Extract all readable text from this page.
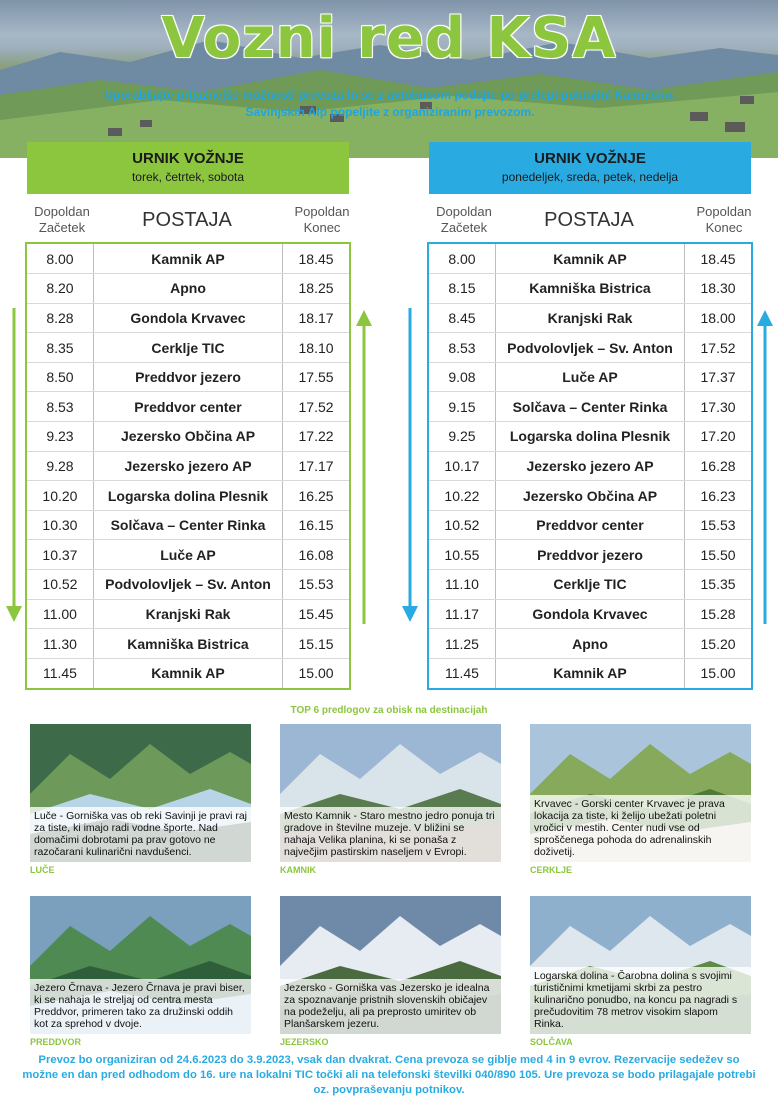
Vozni red KSA
Uporabljajte prijaznejše možnosti prevoza in se z avtobusom podajte po prelepi pokrajini Kamniško-Savinjskih Alp popeljite z organiziranim prevozom.
URNIK VOŽNJE
torek, četrtek, sobota
Dopoldan
Začetek	POSTAJA	Popoldan
Konec
8.00	Kamnik AP	18.45
8.20	Apno	18.25
8.28	Gondola Krvavec	18.17
8.35	Cerklje TIC	18.10
8.50	Preddvor jezero	17.55
8.53	Preddvor center	17.52
9.23	Jezersko Občina AP	17.22
9.28	Jezersko jezero AP	17.17
10.20	Logarska dolina Plesnik	16.25
10.30	Solčava – Center Rinka	16.15
10.37	Luče AP	16.08
10.52	Podvolovljek – Sv. Anton	15.53
11.00	Kranjski Rak	15.45
11.30	Kamniška Bistrica	15.15
11.45	Kamnik AP	15.00
URNIK VOŽNJE
ponedeljek, sreda, petek, nedelja
Dopoldan
Začetek	POSTAJA	Popoldan
Konec
8.00	Kamnik AP	18.45
8.15	Kamniška Bistrica	18.30
8.45	Kranjski Rak	18.00
8.53	Podvolovljek – Sv. Anton	17.52
9.08	Luče AP	17.37
9.15	Solčava – Center Rinka	17.30
9.25	Logarska dolina Plesnik	17.20
10.17	Jezersko jezero AP	16.28
10.22	Jezersko Občina AP	16.23
10.52	Preddvor center	15.53
10.55	Preddvor jezero	15.50
11.10	Cerklje TIC	15.35
11.17	Gondola Krvavec	15.28
11.25	Apno	15.20
11.45	Kamnik AP	15.00
TOP 6 predlogov za obisk na destinacijah
Luče - Gorniška vas ob reki Savinji je pravi raj za tiste, ki imajo radi vodne športe. Nad domačimi dobrotami pa prav gotovo ne razočarani kulinarični navdušenci.
LUČE
Mesto Kamnik - Staro mestno jedro ponuja tri gradove in številne muzeje. V bližini se nahaja Velika planina, ki se ponaša z največjim pastirskim naseljem v Evropi.
KAMNIK
Krvavec - Gorski center Krvavec je prava lokacija za tiste, ki želijo ubežati poletni vročici v mestih. Center nudi vse od sproščenega pohoda do adrenalinskih doživetij.
CERKLJE
Jezero Črnava - Jezero Črnava je pravi biser, ki se nahaja le streljaj od centra mesta Preddvor, primeren tako za družinski oddih kot za sprehod v dvoje.
PREDDVOR
Jezersko - Gorniška vas Jezersko je idealna za spoznavanje pristnih slovenskih običajev na podeželju, ali pa preprosto umiritev ob Planšarskem jezeru.
JEZERSKO
Logarska dolina - Čarobna dolina s svojimi turističnimi kmetijami skrbi za pestro kulinarično ponudbo, na koncu pa nagradi s prečudovitim 78 metrov visokim slapom Rinka.
SOLČAVA
Prevoz bo organiziran od 24.6.2023 do 3.9.2023, vsak dan dvakrat. Cena prevoza se giblje med 4 in 9 evrov. Rezervacije sedežev so možne en dan pred odhodom do 16. ure na lokalni TIC točki ali na telefonski številki 040/890 105. Ure prevoza se bodo prilagajale potrebi oz. povpraševanju potnikov.
